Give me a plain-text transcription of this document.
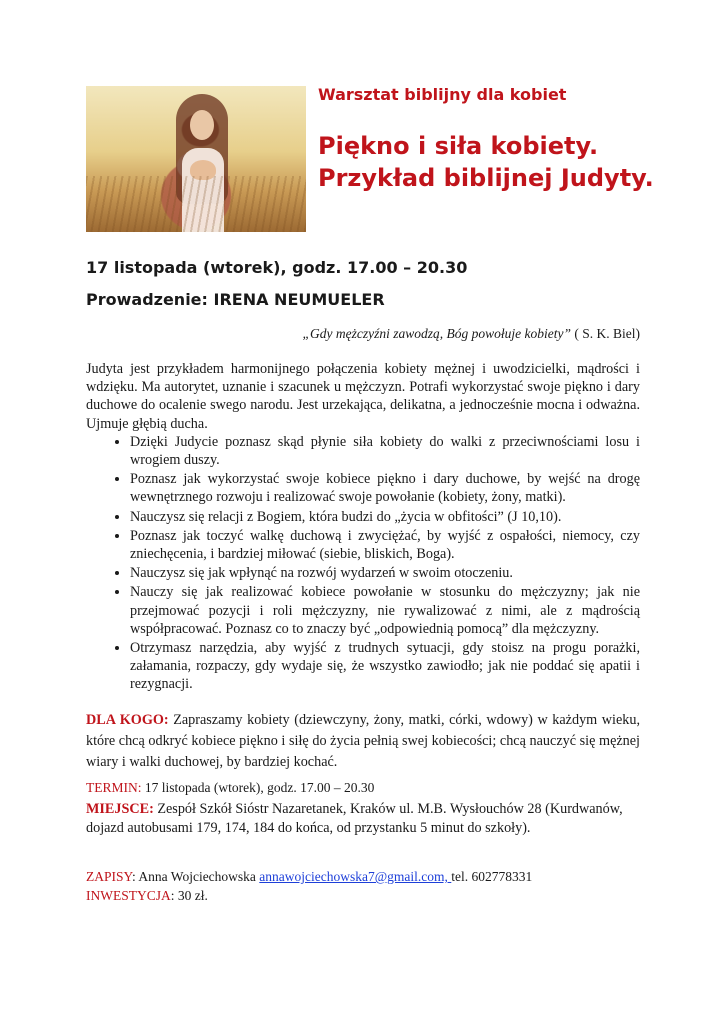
Warsztat biblijny dla kobiet
Piękno i siła kobiety.
Przykład biblijnej Judyty.
17 listopada (wtorek), godz. 17.00 – 20.30
Prowadzenie: IRENA NEUMUELER
„Gdy mężczyźni zawodzą, Bóg powołuje kobiety” ( S. K. Biel)

Judyta jest przykładem harmonijnego połączenia kobiety mężnej i uwodzicielki, mądrości i wdzięku. Ma autorytet, uznanie i szacunek u mężczyzn. Potrafi wykorzystać swoje piękno i dary duchowe do ocalenie swego narodu. Jest urzekająca, delikatna, a jednocześnie mocna i odważna. Ujmuje głębią ducha.

• Dzięki Judycie poznasz skąd płynie siła kobiety do walki z przeciwnościami losu i wrogiem duszy.
• Poznasz jak wykorzystać swoje kobiece piękno i dary duchowe, by wejść na drogę wewnętrznego rozwoju i realizować swoje powołanie (kobiety, żony, matki).
• Nauczysz się relacji z Bogiem, która budzi do „życia w obfitości” (J 10,10).
• Poznasz jak toczyć walkę duchową i zwyciężać, by wyjść z ospałości, niemocy, czy zniechęcenia, i bardziej miłować (siebie, bliskich, Boga).
• Nauczysz się jak wpłynąć na rozwój wydarzeń w swoim otoczeniu.
• Nauczy się jak realizować kobiece powołanie w stosunku do mężczyzny; jak nie przejmować pozycji i roli mężczyzny, nie rywalizować z nimi, ale z mądrością współpracować. Poznasz co to znaczy być „odpowiednią pomocą” dla mężczyzny.
• Otrzymasz narzędzia, aby wyjść z trudnych sytuacji, gdy stoisz na progu porażki, załamania, rozpaczy, gdy wydaje się, że wszystko zawiodło; jak nie poddać się apatii i rezygnacji.
DLA KOGO: Zapraszamy kobiety (dziewczyny, żony, matki, córki, wdowy) w każdym wieku, które chcą odkryć kobiece piękno i siłę do życia pełnią swej kobiecości; chcą nauczyć się mężnej wiary i walki duchowej, by bardziej kochać.
TERMIN: 17 listopada (wtorek), godz. 17.00 – 20.30
MIEJSCE: Zespół Szkół Sióstr Nazaretanek, Kraków ul. M.B. Wysłouchów 28 (Kurdwanów, dojazd autobusami 179, 174, 184 do końca, od przystanku 5 minut do szkoły).
ZAPISY: Anna Wojciechowska annawojciechowska7@gmail.com, tel. 602778331
INWESTYCJA: 30 zł.
